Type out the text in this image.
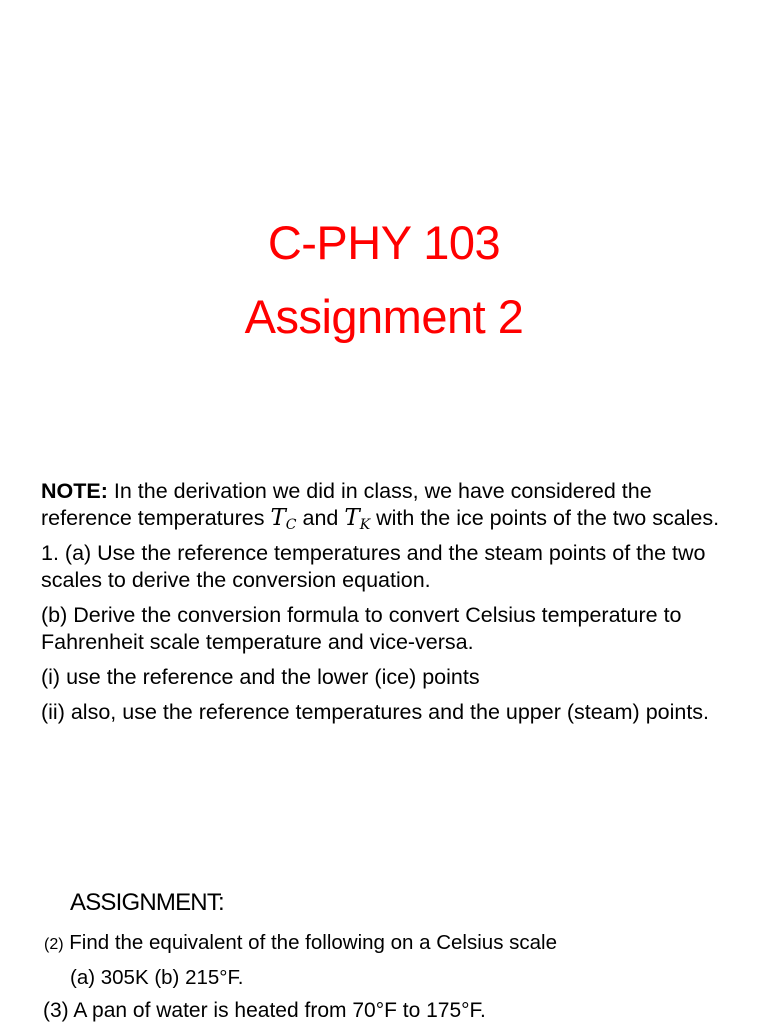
C-PHY 103
Assignment 2

NOTE: In the derivation we did in class, we have considered the reference temperatures $T_C$ and $T_K$ with the ice points of the two scales.

1. (a) Use the reference temperatures and the steam points of the two scales to derive the conversion equation.

(b) Derive the conversion formula to convert Celsius temperature to Fahrenheit scale temperature and vice-versa.

(i) use the reference and the lower (ice) points

(ii) also, use the reference temperatures and the upper (steam) points.

ASSIGNMENT:
(2) Find the equivalent of the following on a Celsius scale
(a) 305K (b) 215°F.
(3) A pan of water is heated from 70°F to 175°F.
